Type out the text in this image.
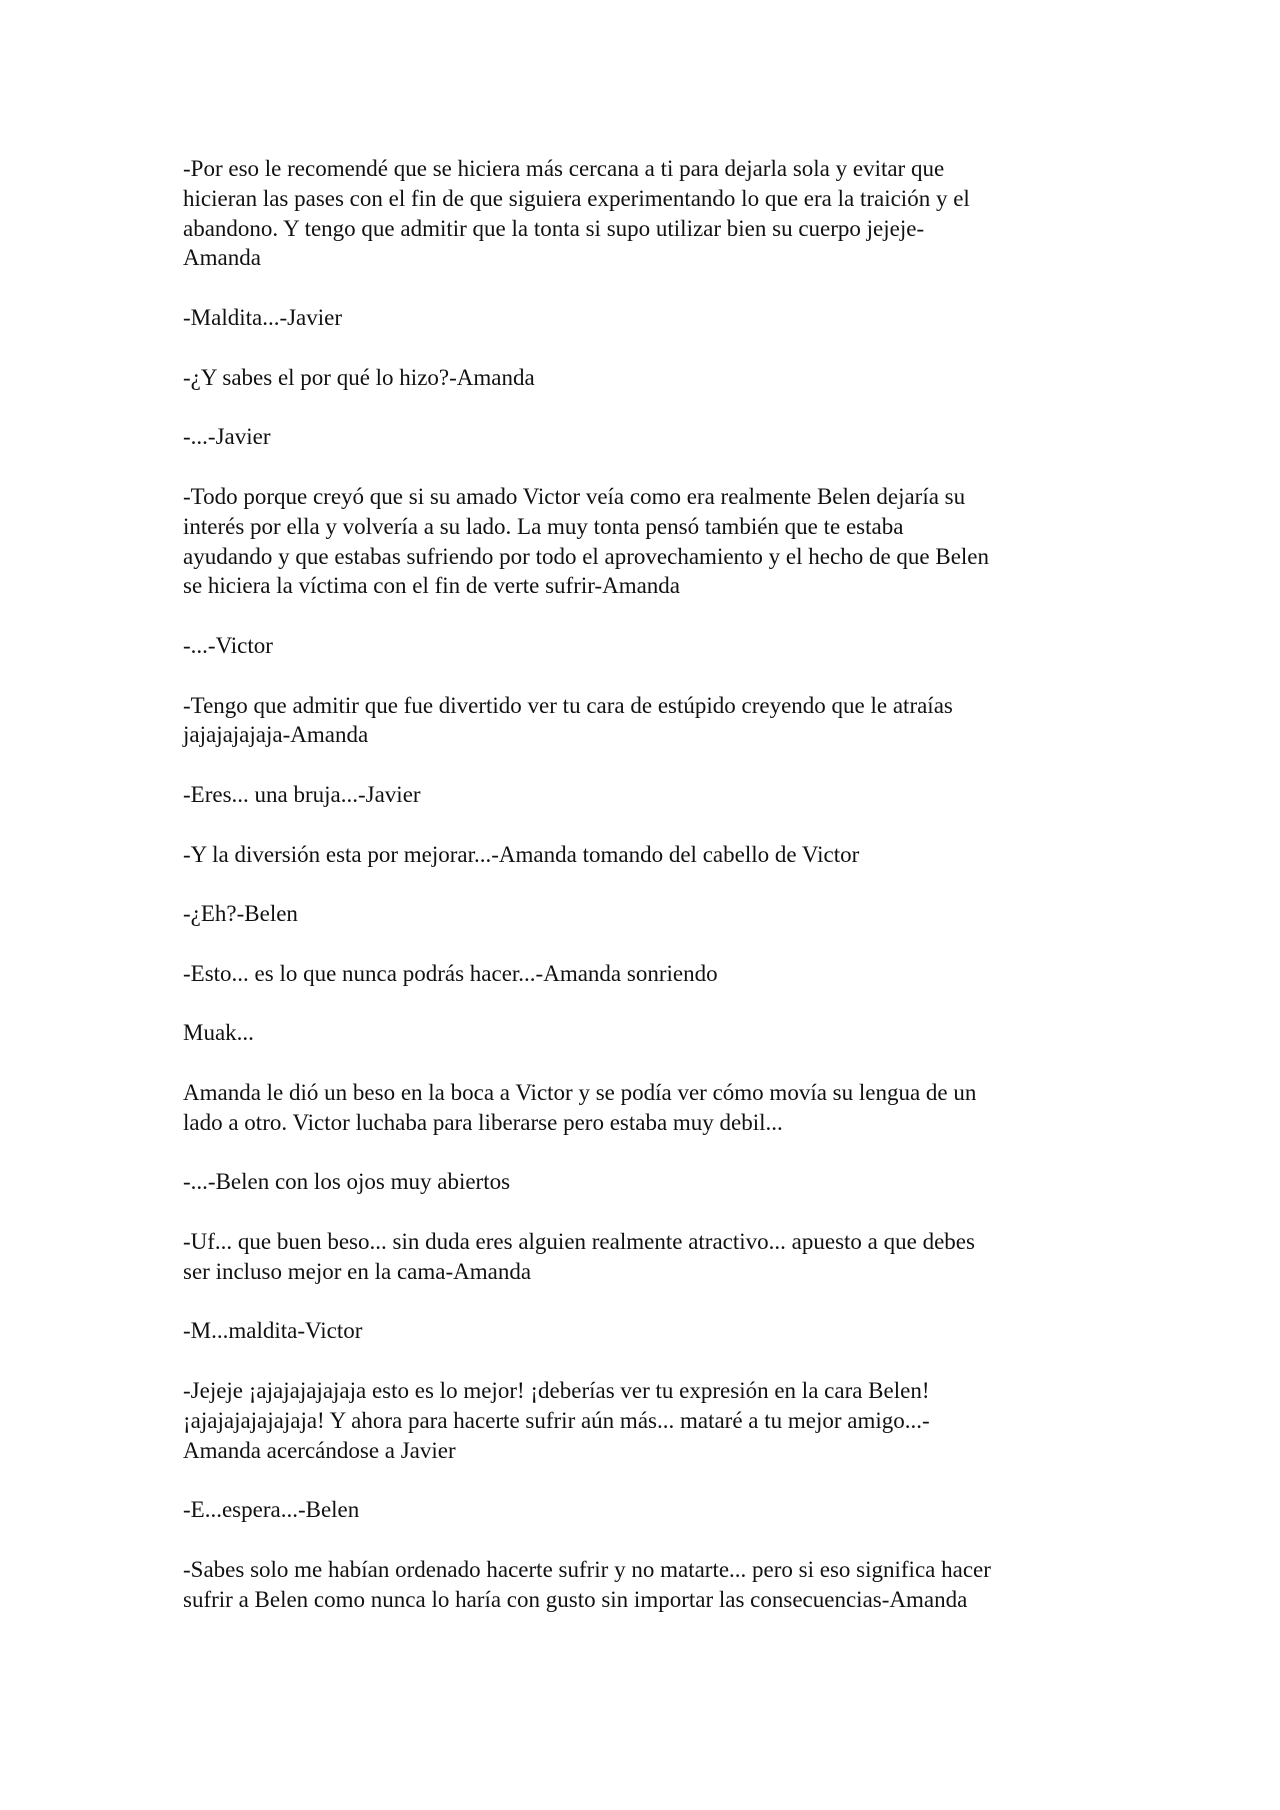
-Por eso le recomendé que se hiciera más cercana a ti para dejarla sola y evitar que
hicieran las pases con el fin de que siguiera experimentando lo que era la traición y el
abandono. Y tengo que admitir que la tonta si supo utilizar bien su cuerpo jejeje-
Amanda

-Maldita...-Javier

-¿Y sabes el por qué lo hizo?-Amanda

-...-Javier

-Todo porque creyó que si su amado Victor veía como era realmente Belen dejaría su
interés por ella y volvería a su lado. La muy tonta pensó también que te estaba
ayudando y que estabas sufriendo por todo el aprovechamiento y el hecho de que Belen
se hiciera la víctima con el fin de verte sufrir-Amanda

-...-Victor

-Tengo que admitir que fue divertido ver tu cara de estúpido creyendo que le atraías
jajajajajaja-Amanda

-Eres... una bruja...-Javier

-Y la diversión esta por mejorar...-Amanda tomando del cabello de Victor

-¿Eh?-Belen

-Esto... es lo que nunca podrás hacer...-Amanda sonriendo

Muak...

Amanda le dió un beso en la boca a Victor y se podía ver cómo movía su lengua de un
lado a otro. Victor luchaba para liberarse pero estaba muy debil...

-...-Belen con los ojos muy abiertos

-Uf... que buen beso... sin duda eres alguien realmente atractivo... apuesto a que debes
ser incluso mejor en la cama-Amanda

-M...maldita-Victor

-Jejeje ¡ajajajajajaja esto es lo mejor! ¡deberías ver tu expresión en la cara Belen!
¡ajajajajajajaja! Y ahora para hacerte sufrir aún más... mataré a tu mejor amigo...-
Amanda acercándose a Javier

-E...espera...-Belen

-Sabes solo me habían ordenado hacerte sufrir y no matarte... pero si eso significa hacer
sufrir a Belen como nunca lo haría con gusto sin importar las consecuencias-Amanda
